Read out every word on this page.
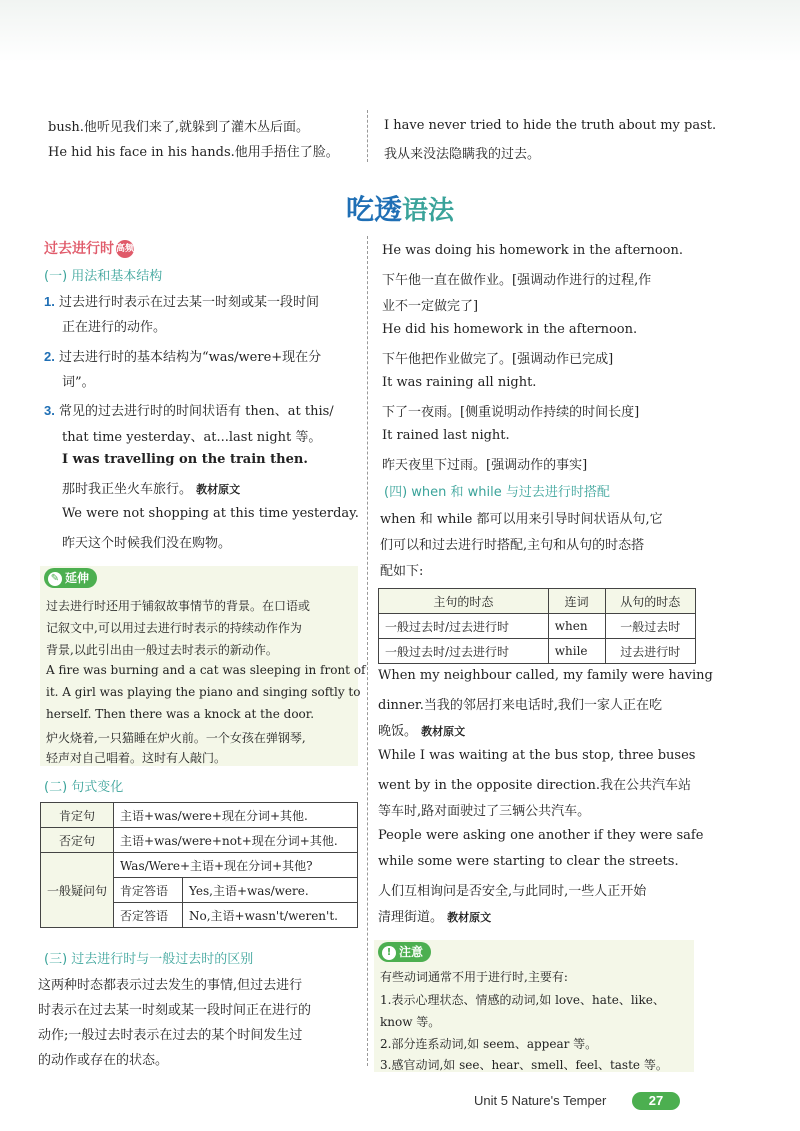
bush.他听见我们来了,就躲到了灌木丛后面。
He hid his face in his hands.他用手捂住了脸。
I have never tried to hide the truth about my past.
我从来没法隐瞒我的过去。
吃透语法
过去进行时 高频
(一) 用法和基本结构
1. 过去进行时表示在过去某一时刻或某一段时间
正在进行的动作。
2. 过去进行时的基本结构为“was/were+现在分
词”。
3. 常见的过去进行时的时间状语有 then、at this/
that time yesterday、at...last night 等。
I was travelling on the train then.
那时我正坐火车旅行。 教材原文
We were not shopping at this time yesterday.
昨天这个时候我们没在购物。
✎ 延伸
过去进行时还用于铺叙故事情节的背景。在口语或
记叙文中,可以用过去进行时表示的持续动作作为
背景,以此引出由一般过去时表示的新动作。
A fire was burning and a cat was sleeping in front of
it. A girl was playing the piano and singing softly to
herself. Then there was a knock at the door.
炉火烧着,一只猫睡在炉火前。一个女孩在弹钢琴,
轻声对自己唱着。这时有人敲门。
(二) 句式变化
肯定句	主语+was/were+现在分词+其他.	
否定句	主语+was/were+not+现在分词+其他.	
一般疑问句	Was/Were+主语+现在分词+其他?	
	肯定答语	Yes,主语+was/were.
	否定答语	No,主语+wasn't/weren't.
(三) 过去进行时与一般过去时的区别
这两种时态都表示过去发生的事情,但过去进行
时表示在过去某一时刻或某一段时间正在进行的
动作;一般过去时表示在过去的某个时间发生过
的动作或存在的状态。
He was doing his homework in the afternoon.
下午他一直在做作业。[强调动作进行的过程,作
业不一定做完了]
He did his homework in the afternoon.
下午他把作业做完了。[强调动作已完成]
It was raining all night.
下了一夜雨。[侧重说明动作持续的时间长度]
It rained last night.
昨天夜里下过雨。[强调动作的事实]
(四) when 和 while 与过去进行时搭配
when 和 while 都可以用来引导时间状语从句,它
们可以和过去进行时搭配,主句和从句的时态搭
配如下:
主句的时态	连词	从句的时态
一般过去时/过去进行时	when	一般过去时
一般过去时/过去进行时	while	过去进行时
When my neighbour called, my family were having
dinner.当我的邻居打来电话时,我们一家人正在吃
晚饭。 教材原文
While I was waiting at the bus stop, three buses
went by in the opposite direction.我在公共汽车站
等车时,路对面驶过了三辆公共汽车。
People were asking one another if they were safe
while some were starting to clear the streets.
人们互相询问是否安全,与此同时,一些人正开始
清理街道。 教材原文
! 注意
有些动词通常不用于进行时,主要有:
1.表示心理状态、情感的动词,如 love、hate、like、
know 等。
2.部分连系动词,如 seem、appear 等。
3.感官动词,如 see、hear、smell、feel、taste 等。
Unit 5 Nature's Temper	27
